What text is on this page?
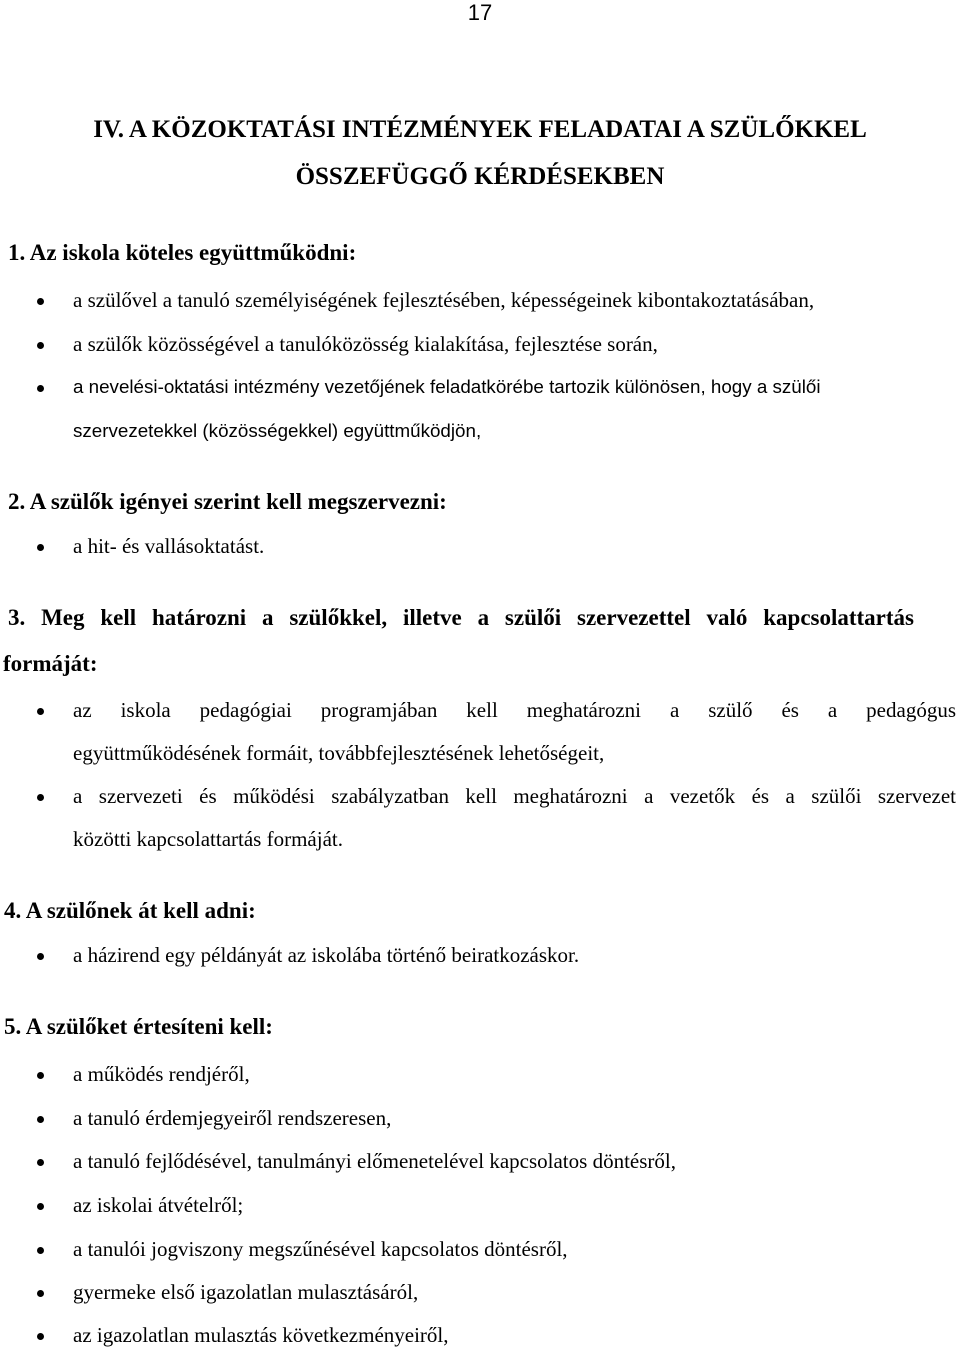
17
IV. A KÖZOKTATÁSI INTÉZMÉNYEK FELADATAI A SZÜLŐKKEL
ÖSSZEFÜGGŐ KÉRDÉSEKBEN
1. Az iskola köteles együttműködni:
a szülővel a tanuló személyiségének fejlesztésében, képességeinek kibontakoztatásában,
a szülők közösségével a tanulóközösség kialakítása, fejlesztése során,
a nevelési-oktatási intézmény vezetőjének feladatkörébe tartozik különösen, hogy a szülői
szervezetekkel (közösségekkel) együttműködjön,
2. A szülők igényei szerint kell megszervezni:
a hit- és vallásoktatást.
3. Meg kell határozni a szülőkkel, illetve a szülői szervezettel való kapcsolattartás
formáját:
az iskola pedagógiai programjában kell meghatározni a szülő és a pedagógus
együttműködésének formáit, továbbfejlesztésének lehetőségeit,
a szervezeti és működési szabályzatban kell meghatározni a vezetők és a szülői szervezet
közötti kapcsolattartás formáját.
4. A szülőnek át kell adni:
a házirend egy példányát az iskolába történő beiratkozáskor.
5. A szülőket értesíteni kell:
a működés rendjéről,
a tanuló érdemjegyeiről rendszeresen,
a tanuló fejlődésével, tanulmányi előmenetelével kapcsolatos döntésről,
az iskolai átvételről;
a tanulói jogviszony megszűnésével kapcsolatos döntésről,
gyermeke első igazolatlan mulasztásáról,
az igazolatlan mulasztás következményeiről,
